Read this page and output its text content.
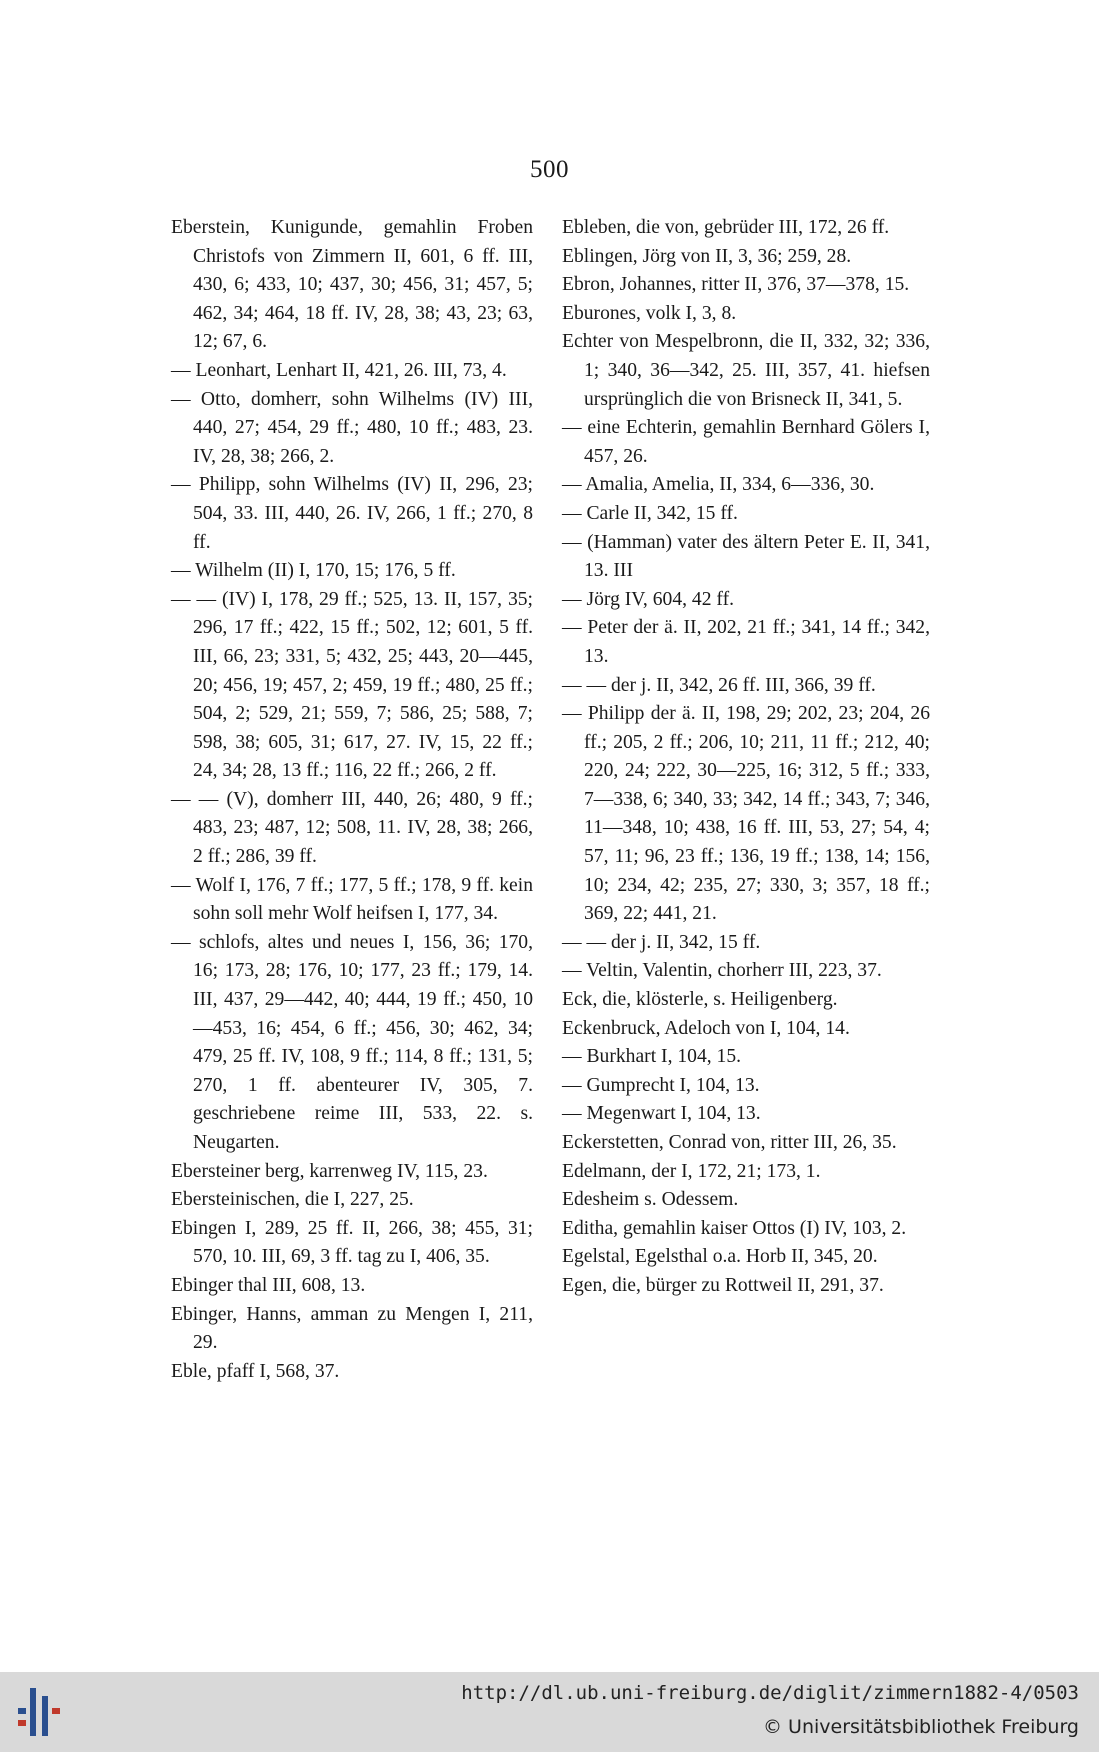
500

Eberstein, Kunigunde, gemahlin Froben Christofs von Zimmern II, 601, 6 ff. III, 430, 6; 433, 10; 437, 30; 456, 31; 457, 5; 462, 34; 464, 18 ff. IV, 28, 38; 43, 23; 63, 12; 67, 6.

— Leonhart, Lenhart II, 421, 26. III, 73, 4.

— Otto, domherr, sohn Wilhelms (IV) III, 440, 27; 454, 29 ff.; 480, 10 ff.; 483, 23. IV, 28, 38; 266, 2.

— Philipp, sohn Wilhelms (IV) II, 296, 23; 504, 33. III, 440, 26. IV, 266, 1 ff.; 270, 8 ff.

— Wilhelm (II) I, 170, 15; 176, 5 ff.

— — (IV) I, 178, 29 ff.; 525, 13. II, 157, 35; 296, 17 ff.; 422, 15 ff.; 502, 12; 601, 5 ff. III, 66, 23; 331, 5; 432, 25; 443, 20—445, 20; 456, 19; 457, 2; 459, 19 ff.; 480, 25 ff.; 504, 2; 529, 21; 559, 7; 586, 25; 588, 7; 598, 38; 605, 31; 617, 27. IV, 15, 22 ff.; 24, 34; 28, 13 ff.; 116, 22 ff.; 266, 2 ff.

— — (V), domherr III, 440, 26; 480, 9 ff.; 483, 23; 487, 12; 508, 11. IV, 28, 38; 266, 2 ff.; 286, 39 ff.

— Wolf I, 176, 7 ff.; 177, 5 ff.; 178, 9 ff. kein sohn soll mehr Wolf heifsen I, 177, 34.

— schlofs, altes und neues I, 156, 36; 170, 16; 173, 28; 176, 10; 177, 23 ff.; 179, 14. III, 437, 29—442, 40; 444, 19 ff.; 450, 10—453, 16; 454, 6 ff.; 456, 30; 462, 34; 479, 25 ff. IV, 108, 9 ff.; 114, 8 ff.; 131, 5; 270, 1 ff. abenteurer IV, 305, 7. geschriebene reime III, 533, 22. s. Neugarten.

Ebersteiner berg, karrenweg IV, 115, 23.

Ebersteinischen, die I, 227, 25.

Ebingen I, 289, 25 ff. II, 266, 38; 455, 31; 570, 10. III, 69, 3 ff. tag zu I, 406, 35.

Ebinger thal III, 608, 13.

Ebinger, Hanns, amman zu Mengen I, 211, 29.

Eble, pfaff I, 568, 37.

Ebleben, die von, gebrüder III, 172, 26 ff.

Eblingen, Jörg von II, 3, 36; 259, 28.

Ebron, Johannes, ritter II, 376, 37—378, 15.

Eburones, volk I, 3, 8.

Echter von Mespelbronn, die II, 332, 32; 336, 1; 340, 36—342, 25. III, 357, 41. hiefsen ursprünglich die von Brisneck II, 341, 5.

— eine Echterin, gemahlin Bernhard Gölers I, 457, 26.

— Amalia, Amelia, II, 334, 6—336, 30.

— Carle II, 342, 15 ff.

— (Hamman) vater des ältern Peter E. II, 341, 13. III

— Jörg IV, 604, 42 ff.

— Peter der ä. II, 202, 21 ff.; 341, 14 ff.; 342, 13.

— — der j. II, 342, 26 ff. III, 366, 39 ff.

— Philipp der ä. II, 198, 29; 202, 23; 204, 26 ff.; 205, 2 ff.; 206, 10; 211, 11 ff.; 212, 40; 220, 24; 222, 30—225, 16; 312, 5 ff.; 333, 7—338, 6; 340, 33; 342, 14 ff.; 343, 7; 346, 11—348, 10; 438, 16 ff. III, 53, 27; 54, 4; 57, 11; 96, 23 ff.; 136, 19 ff.; 138, 14; 156, 10; 234, 42; 235, 27; 330, 3; 357, 18 ff.; 369, 22; 441, 21.

— — der j. II, 342, 15 ff.

— Veltin, Valentin, chorherr III, 223, 37.

Eck, die, klösterle, s. Heiligenberg.

Eckenbruck, Adeloch von I, 104, 14.

— Burkhart I, 104, 15.

— Gumprecht I, 104, 13.

— Megenwart I, 104, 13.

Eckerstetten, Conrad von, ritter III, 26, 35.

Edelmann, der I, 172, 21; 173, 1.

Edesheim s. Odessem.

Editha, gemahlin kaiser Ottos (I) IV, 103, 2.

Egelstal, Egelsthal o.a. Horb II, 345, 20.

Egen, die, bürger zu Rottweil II, 291, 37.

http://dl.ub.uni-freiburg.de/diglit/zimmern1882-4/0503
© Universitätsbibliothek Freiburg
